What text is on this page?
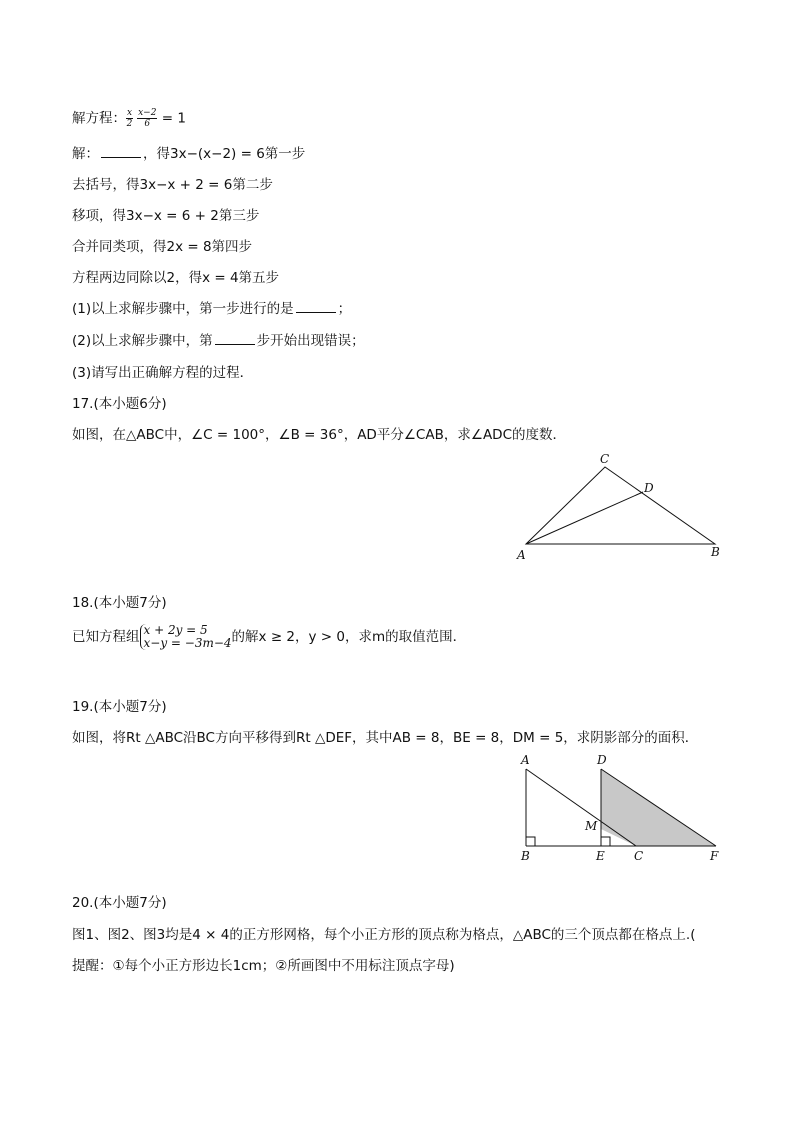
解方程： $\frac{x}{2} \frac{x-2}{6} = 1$
解：	，得3x−(x−2) = 6第一步
去括号，得3x−x + 2 = 6第二步
移项，得3x−x = 6 + 2第三步
合并同类项，得2x = 8第四步
方程两边同除以2，得x = 4第五步
(1)以上求解步骤中，第一步进行的是	；
(2)以上求解步骤中，第	步开始出现错误；
(3)请写出正确解方程的过程．
17.(本小题6分)
如图，在△ABC中，∠C = 100°，∠B = 36°，AD平分∠CAB，求∠ADC的度数．
C
D
A	B
18.(本小题7分)
已知方程组 x + 2y = 5
x−y = −3m−4 的解x ≥ 2，y > 0，求m的取值范围．
19.(本小题7分)
如图，将Rt △ABC沿BC方向平移得到Rt △DEF，其中AB = 8，BE = 8，DM = 5，求阴影部分的面积．
A	D
M
B	E C	F
20.(本小题7分)
图1、图2、图3均是4 × 4的正方形网格，每个小正方形的顶点称为格点，△ABC的三个顶点都在格点上.(
提醒：①每个小正方形边长1cm；②所画图中不用标注顶点字母)
